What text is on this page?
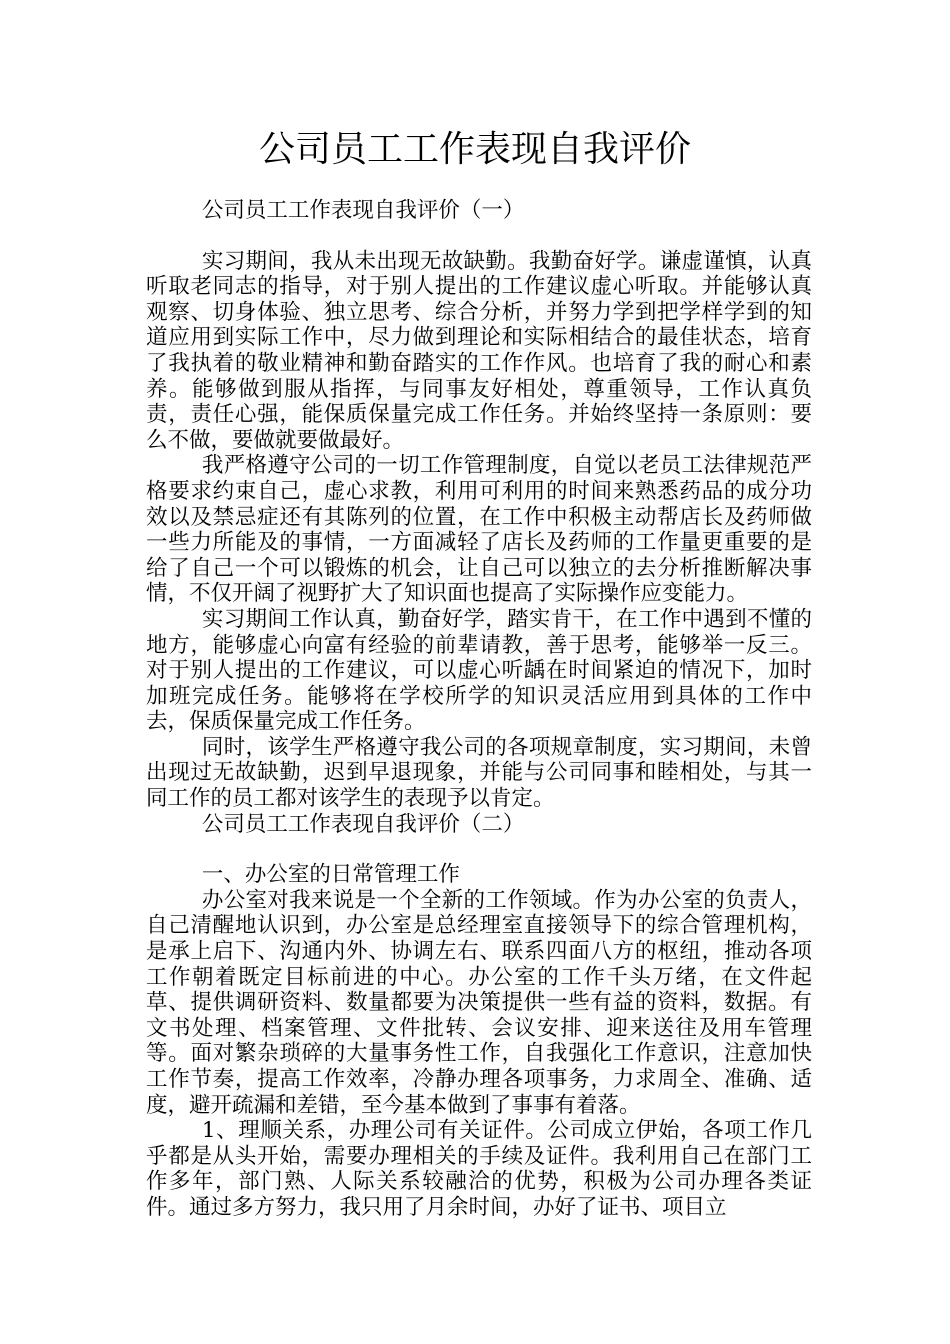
公司员工工作表现自我评价

公司员工工作表现自我评价（一）

实习期间，我从未出现无故缺勤。我勤奋好学。谦虚谨慎，认真听取老同志的指导，对于别人提出的工作建议虚心听取。并能够认真观察、切身体验、独立思考、综合分析，并努力学到把学样学到的知道应用到实际工作中，尽力做到理论和实际相结合的最佳状态，培育了我执着的敬业精神和勤奋踏实的工作作风。也培育了我的耐心和素养。能够做到服从指挥，与同事友好相处，尊重领导，工作认真负责，责任心强，能保质保量完成工作任务。并始终坚持一条原则：要么不做，要做就要做最好。

我严格遵守公司的一切工作管理制度，自觉以老员工法律规范严格要求约束自己，虚心求教，利用可利用的时间来熟悉药品的成分功效以及禁忌症还有其陈列的位置，在工作中积极主动帮店长及药师做一些力所能及的事情，一方面减轻了店长及药师的工作量更重要的是给了自己一个可以锻炼的机会，让自己可以独立的去分析推断解决事情，不仅开阔了视野扩大了知识面也提高了实际操作应变能力。

实习期间工作认真，勤奋好学，踏实肯干，在工作中遇到不懂的地方，能够虚心向富有经验的前辈请教，善于思考，能够举一反三。对于别人提出的工作建议，可以虚心听龋在时间紧迫的情况下，加时加班完成任务。能够将在学校所学的知识灵活应用到具体的工作中去，保质保量完成工作任务。

同时，该学生严格遵守我公司的各项规章制度，实习期间，未曾出现过无故缺勤，迟到早退现象，并能与公司同事和睦相处，与其一同工作的员工都对该学生的表现予以肯定。

公司员工工作表现自我评价（二）

一、办公室的日常管理工作

办公室对我来说是一个全新的工作领域。作为办公室的负责人，自己清醒地认识到，办公室是总经理室直接领导下的综合管理机构，是承上启下、沟通内外、协调左右、联系四面八方的枢纽，推动各项工作朝着既定目标前进的中心。办公室的工作千头万绪，在文件起草、提供调研资料、数量都要为决策提供一些有益的资料，数据。有文书处理、档案管理、文件批转、会议安排、迎来送往及用车管理等。面对繁杂琐碎的大量事务性工作，自我强化工作意识，注意加快工作节奏，提高工作效率，冷静办理各项事务，力求周全、准确、适度，避开疏漏和差错，至今基本做到了事事有着落。

1、理顺关系，办理公司有关证件。公司成立伊始，各项工作几乎都是从头开始，需要办理相关的手续及证件。我利用自己在部门工作多年，部门熟、人际关系较融洽的优势，积极为公司办理各类证件。通过多方努力，我只用了月余时间，办好了证书、项目立
